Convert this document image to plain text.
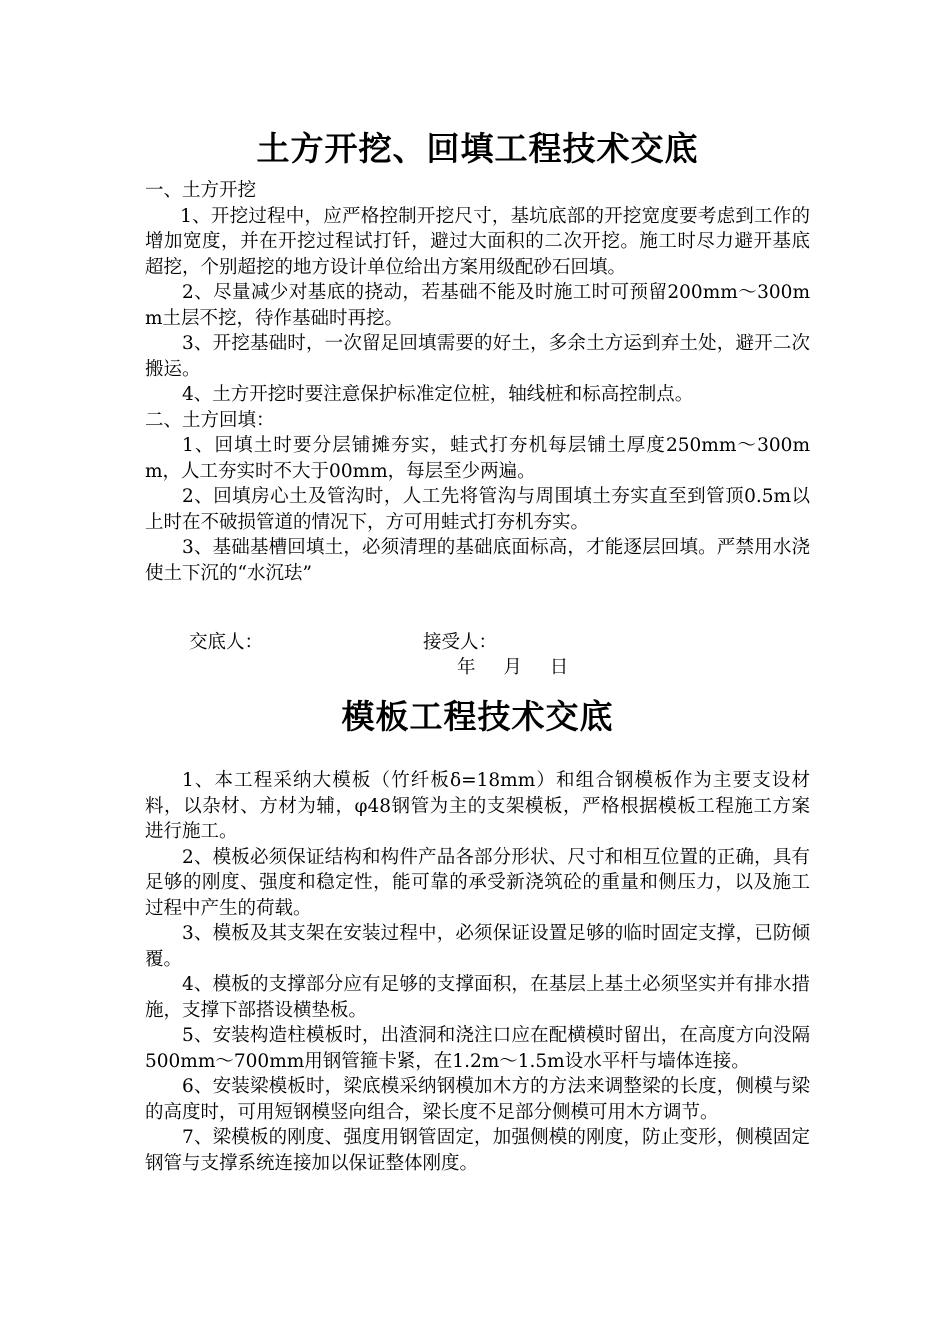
土方开挖、回填工程技术交底

一、土方开挖

1、开挖过程中，应严格控制开挖尺寸，基坑底部的开挖宽度要考虑到工作的增加宽度，并在开挖过程试打钎，避过大面积的二次开挖。施工时尽力避开基底超挖，个别超挖的地方设计单位给出方案用级配砂石回填。

2、尽量减少对基底的挠动，若基础不能及时施工时可预留200mm～300mm土层不挖，待作基础时再挖。

3、开挖基础时，一次留足回填需要的好土，多余土方运到弃土处，避开二次搬运。

4、土方开挖时要注意保护标准定位桩，轴线桩和标高控制点。

二、土方回填：

1、回填土时要分层铺摊夯实，蛙式打夯机每层铺土厚度250mm～300mm，人工夯实时不大于00mm，每层至少两遍。

2、回填房心土及管沟时，人工先将管沟与周围填土夯实直至到管顶0.5m以上时在不破损管道的情况下，方可用蛙式打夯机夯实。

3、基础基槽回填土，必须清理的基础底面标高，才能逐层回填。严禁用水浇使土下沉的“水沉珐”

交底人：	接受人：
年 月 日
模板工程技术交底

1、本工程采纳大模板（竹纤板δ=18mm）和组合钢模板作为主要支设材料，以杂材、方材为辅，φ48钢管为主的支架模板，严格根据模板工程施工方案进行施工。

2、模板必须保证结构和构件产品各部分形状、尺寸和相互位置的正确，具有足够的刚度、强度和稳定性，能可靠的承受新浇筑砼的重量和侧压力，以及施工过程中产生的荷载。

3、模板及其支架在安装过程中，必须保证设置足够的临时固定支撑，已防倾覆。

4、模板的支撑部分应有足够的支撑面积，在基层上基土必须坚实并有排水措施，支撑下部搭设横垫板。

5、安装构造柱模板时，出渣洞和浇注口应在配横模时留出，在高度方向没隔500mm～700mm用钢管箍卡紧，在1.2m～1.5m设水平杆与墙体连接。

6、安装梁模板时，梁底模采纳钢模加木方的方法来调整梁的长度，侧模与梁的高度时，可用短钢模竖向组合，梁长度不足部分侧模可用木方调节。

7、梁模板的刚度、强度用钢管固定，加强侧模的刚度，防止变形，侧模固定钢管与支撑系统连接加以保证整体刚度。
